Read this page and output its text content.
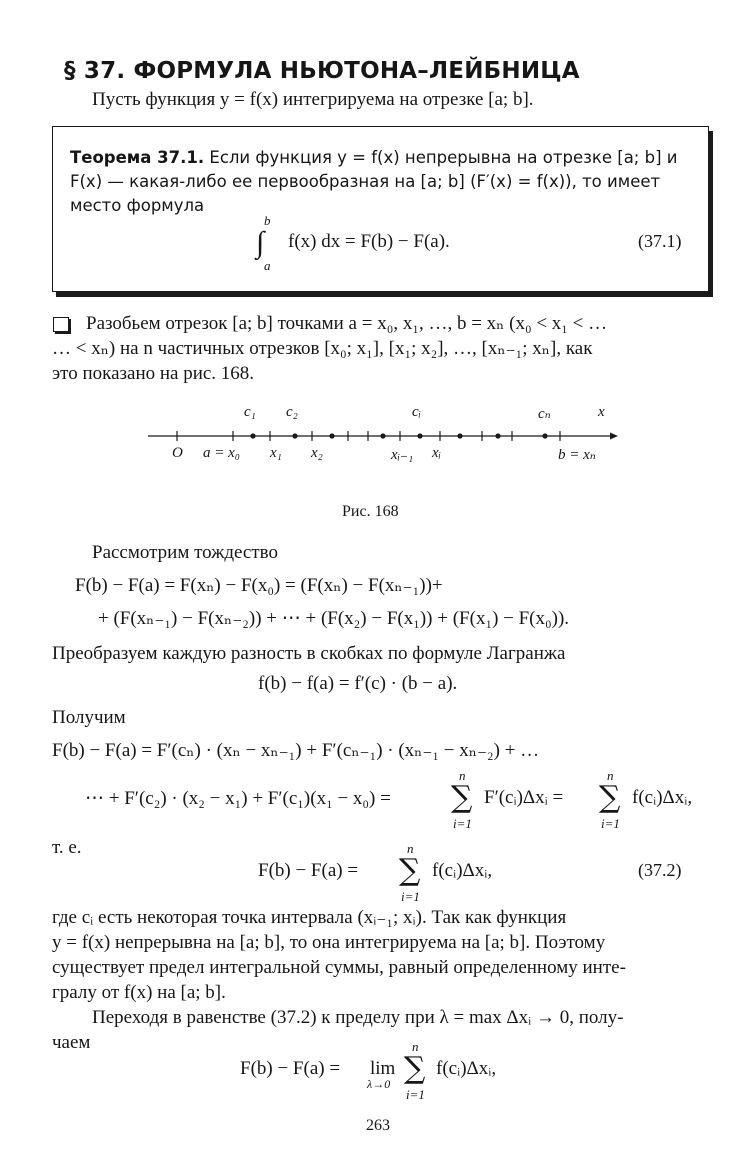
§ 37. ФОРМУЛА НЬЮТОНА–ЛЕЙБНИЦА
Пусть функция y = f(x) интегрируема на отрезке [a; b].
Теорема 37.1. Если функция y = f(x) непрерывна на отрезке [a; b] и
F(x) — какая-либо ее первообразная на [a; b] (F′(x) = f(x)), то имеет
место формула
b
∫
a
f(x) dx = F(b) − F(a).	(37.1)
Разобьем отрезок [a; b] точками a = x₀, x₁, …, b = xₙ (x₀ < x₁ < …
… < xₙ) на n частичных отрезков [x₀; x₁], [x₁; x₂], …, [xₙ₋₁; xₙ], как
это показано на рис. 168.
c₁ c₂	cᵢ	cₙ	x
O a = x₀ x₁ x₂	xᵢ₋₁ xᵢ	b = xₙ
Рис. 168
Рассмотрим тождество
F(b) − F(a) = F(xₙ) − F(x₀) = (F(xₙ) − F(xₙ₋₁))+
+ (F(xₙ₋₁) − F(xₙ₋₂)) + ⋯ + (F(x₂) − F(x₁)) + (F(x₁) − F(x₀)).
Преобразуем каждую разность в скобках по формуле Лагранжа
f(b) − f(a) = f′(c) · (b − a).
Получим
F(b) − F(a) = F′(cₙ) · (xₙ − xₙ₋₁) + F′(cₙ₋₁) · (xₙ₋₁ − xₙ₋₂) + …
⋯ + F′(c₂) · (x₂ − x₁) + F′(c₁)(x₁ − x₀) =
n
∑
i=1
F′(cᵢ)Δxᵢ =
n
∑
i=1
f(cᵢ)Δxᵢ,
т. е.
F(b) − F(a) =
n
∑
i=1
f(cᵢ)Δxᵢ,	(37.2)
где cᵢ есть некоторая точка интервала (xᵢ₋₁; xᵢ). Так как функция
y = f(x) непрерывна на [a; b], то она интегрируема на [a; b]. Поэтому
существует предел интегральной суммы, равный определенному инте-
гралу от f(x) на [a; b].
Переходя в равенстве (37.2) к пределу при λ = max Δxᵢ → 0, полу-
чаем
F(b) − F(a) = lim
λ→0
n
∑
i=1
f(cᵢ)Δxᵢ,
263
